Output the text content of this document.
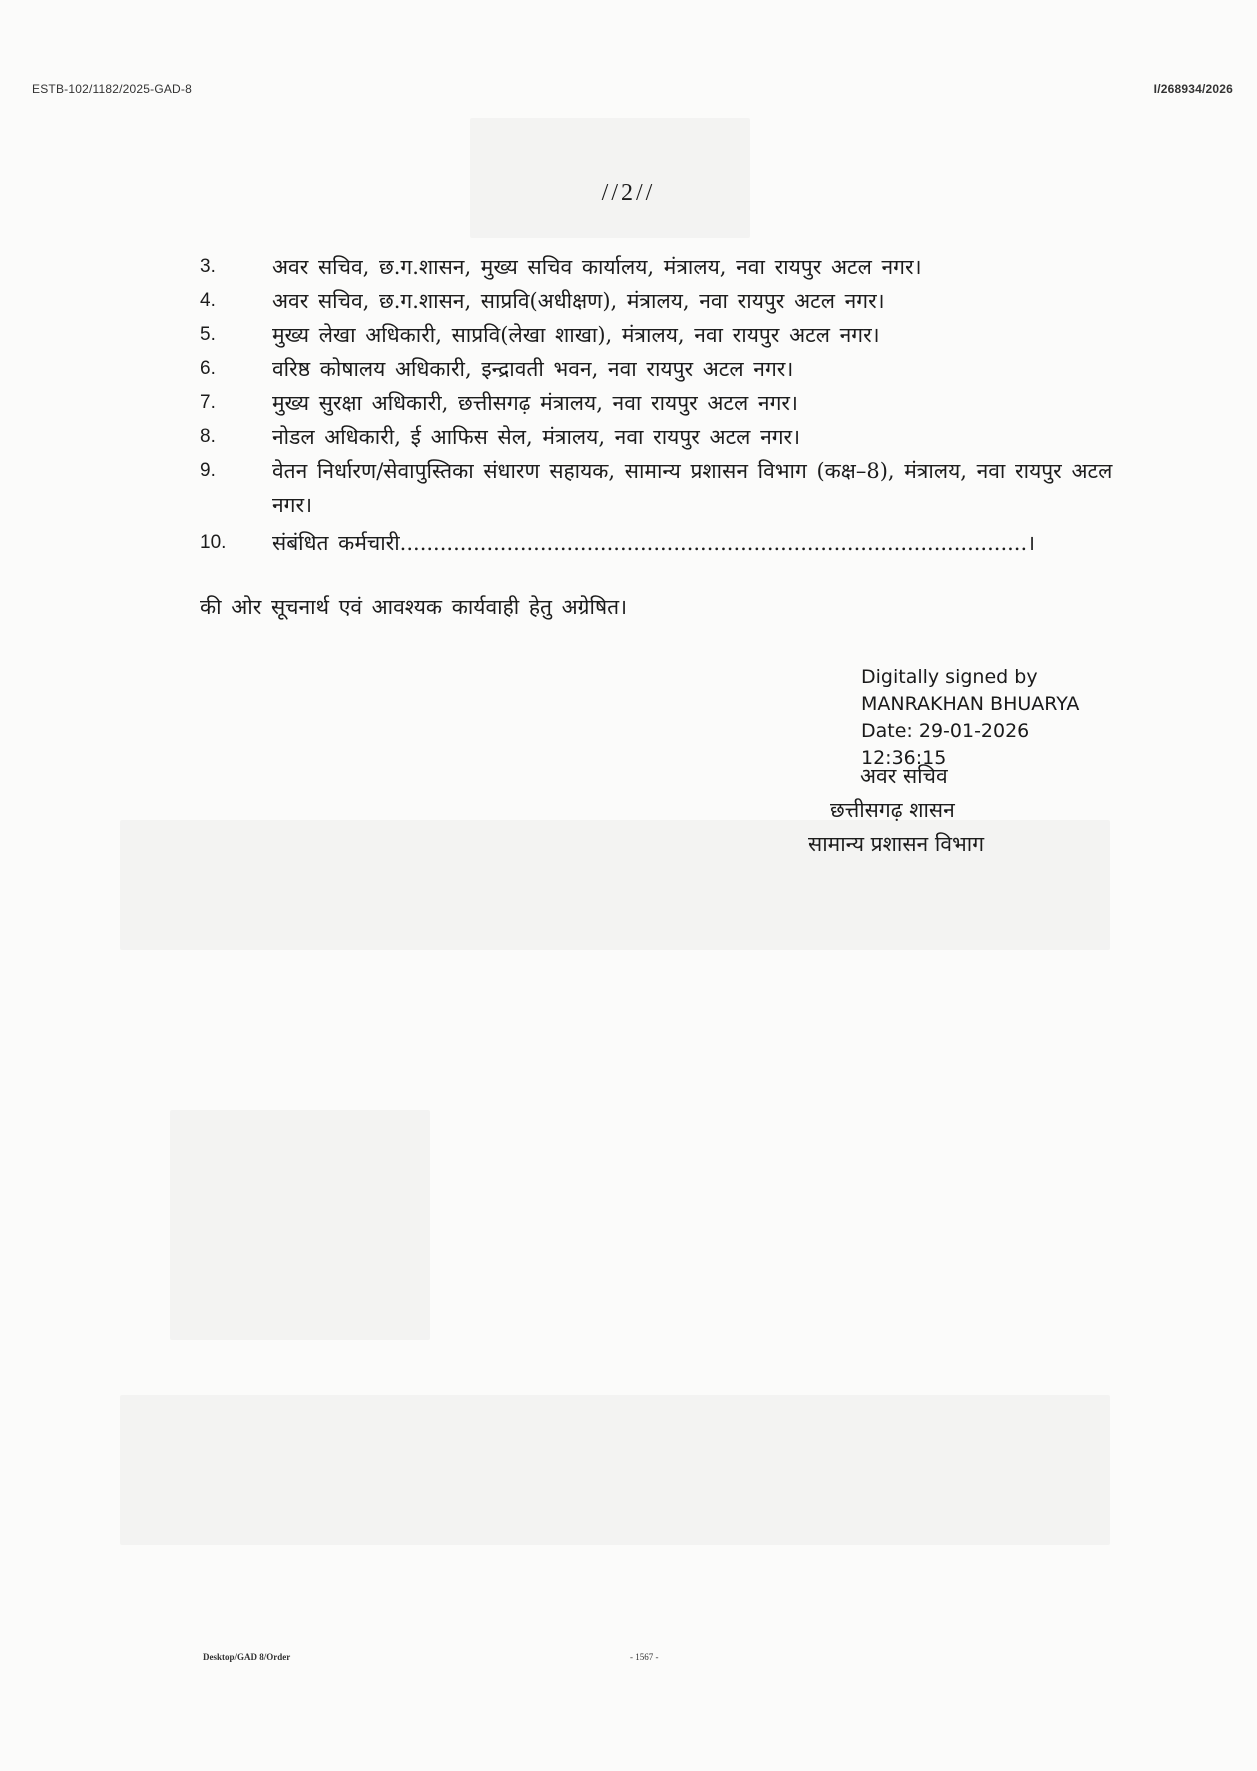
ESTB-102/1182/2025-GAD-8	I/268934/2026
//2//
3.	अवर सचिव, छ.ग.शासन, मुख्य सचिव कार्यालय, मंत्रालय, नवा रायपुर अटल नगर।
4.	अवर सचिव, छ.ग.शासन, साप्रवि(अधीक्षण), मंत्रालय, नवा रायपुर अटल नगर।
5.	मुख्य लेखा अधिकारी, साप्रवि(लेखा शाखा), मंत्रालय, नवा रायपुर अटल नगर।
6.	वरिष्ठ कोषालय अधिकारी, इन्द्रावती भवन, नवा रायपुर अटल नगर।
7.	मुख्य सुरक्षा अधिकारी, छत्तीसगढ़ मंत्रालय, नवा रायपुर अटल नगर।
8.	नोडल अधिकारी, ई आफिस सेल, मंत्रालय, नवा रायपुर अटल नगर।
9.	वेतन निर्धारण/सेवापुस्तिका संधारण सहायक, सामान्य प्रशासन विभाग (कक्ष–8), मंत्रालय, नवा रायपुर अटल नगर।
10.	संबंधित कर्मचारी..............................................................................................।
की ओर सूचनार्थ एवं आवश्यक कार्यवाही हेतु अग्रेषित।
Digitally signed by
MANRAKHAN BHUARYA
Date: 29-01-2026
12:36:15
अवर सचिव
छत्तीसगढ़ शासन
सामान्य प्रशासन विभाग
Desktop/GAD 8/Order	- 1567 -
